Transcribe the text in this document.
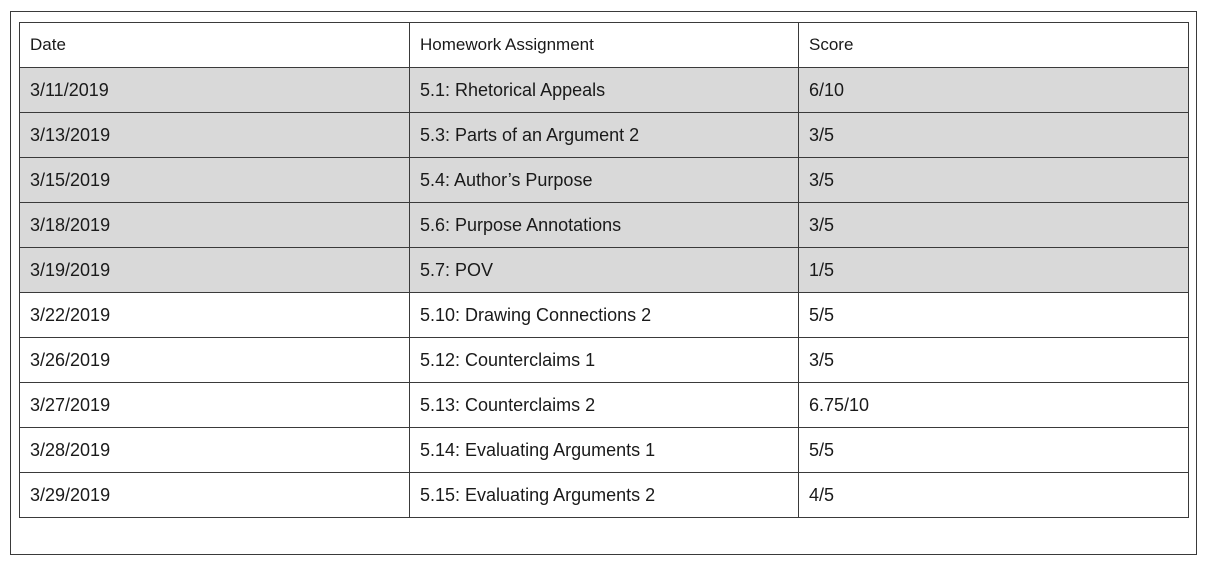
Date	Homework Assignment	Score
3/11/2019	5.1: Rhetorical Appeals	6/10
3/13/2019	5.3: Parts of an Argument 2	3/5
3/15/2019	5.4: Author’s Purpose	3/5
3/18/2019	5.6: Purpose Annotations	3/5
3/19/2019	5.7: POV	1/5
3/22/2019	5.10: Drawing Connections 2	5/5
3/26/2019	5.12: Counterclaims 1	3/5
3/27/2019	5.13: Counterclaims 2	6.75/10
3/28/2019	5.14: Evaluating Arguments 1	5/5
3/29/2019	5.15: Evaluating Arguments 2	4/5
